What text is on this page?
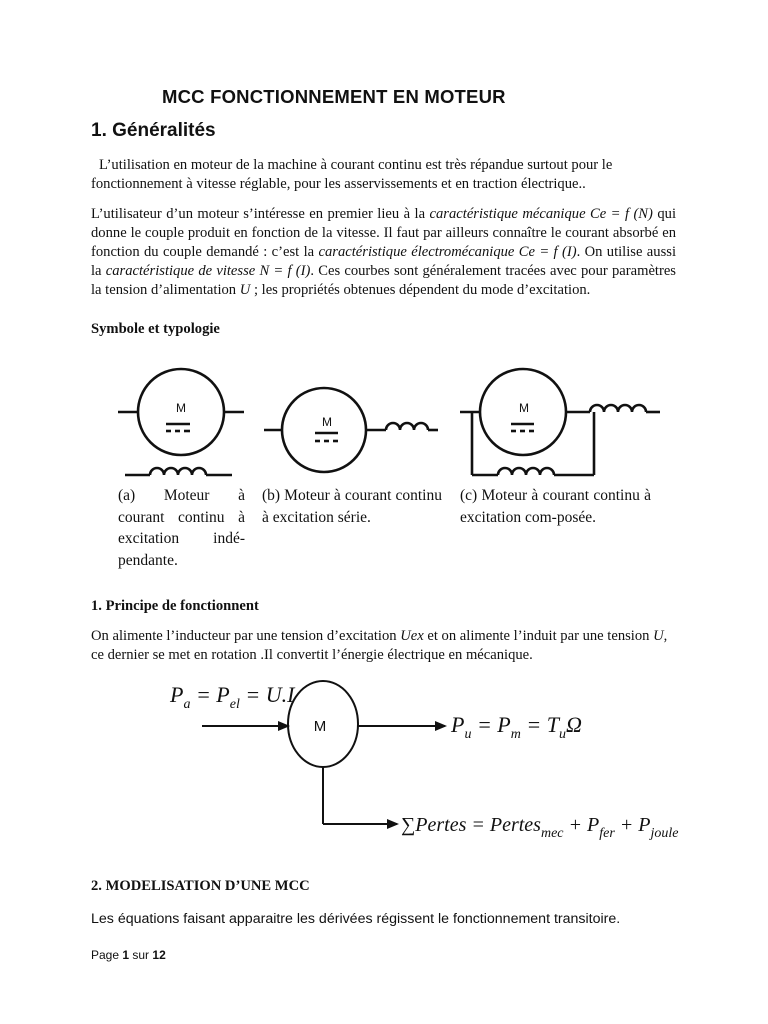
MCC FONCTIONNEMENT EN MOTEUR
1. Généralités
L’utilisation en moteur de la machine à courant continu est très répandue surtout pour le fonctionnement à vitesse réglable, pour les asservissements et en traction électrique..
L’utilisateur d’un moteur s’intéresse en premier lieu à la caractéristique mécanique Ce = f (N) qui donne le couple produit en fonction de la vitesse. Il faut par ailleurs connaître le courant absorbé en fonction du couple demandé : c’est la caractéristique électromécanique Ce = f (I). On utilise aussi la caractéristique de vitesse N = f (I). Ces courbes sont généralement tracées avec pour paramètres la tension d’alimentation U ; les propriétés obtenues dépendent du mode d’excitation.
Symbole et typologie
M
M
M
(a) Moteur à courant continu à excitation indé-pendante.
(b) Moteur à courant continu à excitation série.
(c) Moteur à courant continu à excitation com-posée.
1. Principe de fonctionnent
On alimente l’inducteur par une tension d’excitation Uex et on alimente l’induit par une tension U, ce dernier se met en rotation .Il convertit l’énergie électrique en mécanique.
M
$P_a = P_{el} = U.I$
$P_u = P_m = T_u\Omega$
∑Pertes = Pertes$_{mec}$ + $P_{fer} + P_{joule}$
2. MODELISATION D’UNE MCC
Les équations faisant apparaitre les dérivées régissent le fonctionnement transitoire.
Page 1 sur 12
